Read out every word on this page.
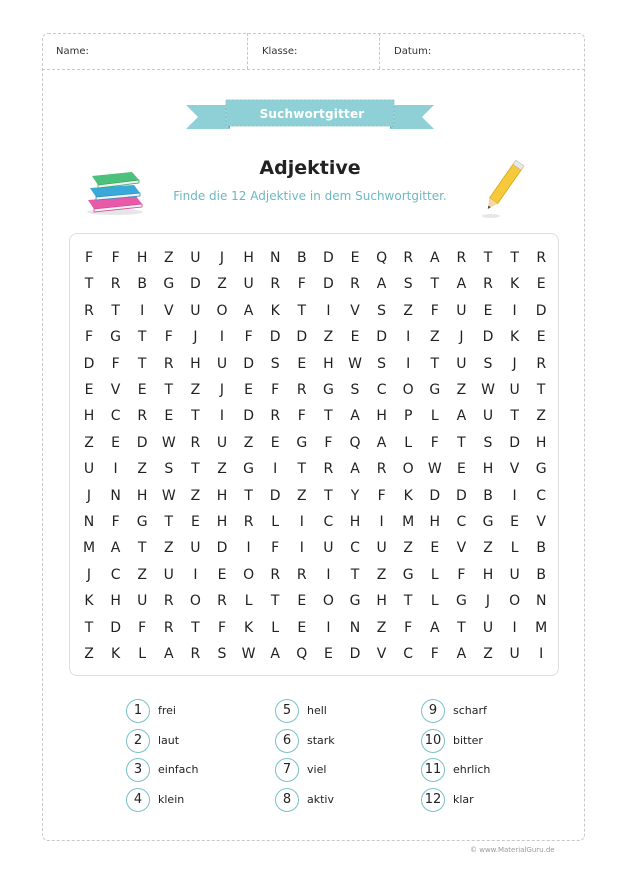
Name:	Klasse:	Datum:
Suchwortgitter
Adjektive
Finde die 12 Adjektive in dem Suchwortgitter.
F	F	H	Z	U	J	H	N	B	D	E	Q	R	A	R	T	T	R
T	R	B	G	D	Z	U	R	F	D	R	A	S	T	A	R	K	E
R	T	I	V	U	O	A	K	T	I	V	S	Z	F	U	E	I	D
F	G	T	F	J	I	F	D	D	Z	E	D	I	Z	J	D	K	E
D	F	T	R	H	U	D	S	E	H	W	S	I	T	U	S	J	R
E	V	E	T	Z	J	E	F	R	G	S	C	O	G	Z	W	U	T
H	C	R	E	T	I	D	R	F	T	A	H	P	L	A	U	T	Z
Z	E	D	W	R	U	Z	E	G	F	Q	A	L	F	T	S	D	H
U	I	Z	S	T	Z	G	I	T	R	A	R	O	W	E	H	V	G
J	N	H	W	Z	H	T	D	Z	T	Y	F	K	D	D	B	I	C
N	F	G	T	E	H	R	L	I	C	H	I	M	H	C	G	E	V
M	A	T	Z	U	D	I	F	I	U	C	U	Z	E	V	Z	L	B
J	C	Z	U	I	E	O	R	R	I	T	Z	G	L	F	H	U	B
K	H	U	R	O	R	L	T	E	O	G	H	T	L	G	J	O	N
T	D	F	R	T	F	K	L	E	I	N	Z	F	A	T	U	I	M
Z	K	L	A	R	S	W	A	Q	E	D	V	C	F	A	Z	U	I
1	frei
2	laut
3	einfach
4	klein
5	hell
6	stark
7	viel
8	aktiv
9	scharf
10	bitter
11	ehrlich
12	klar
© www.MaterialGuru.de
